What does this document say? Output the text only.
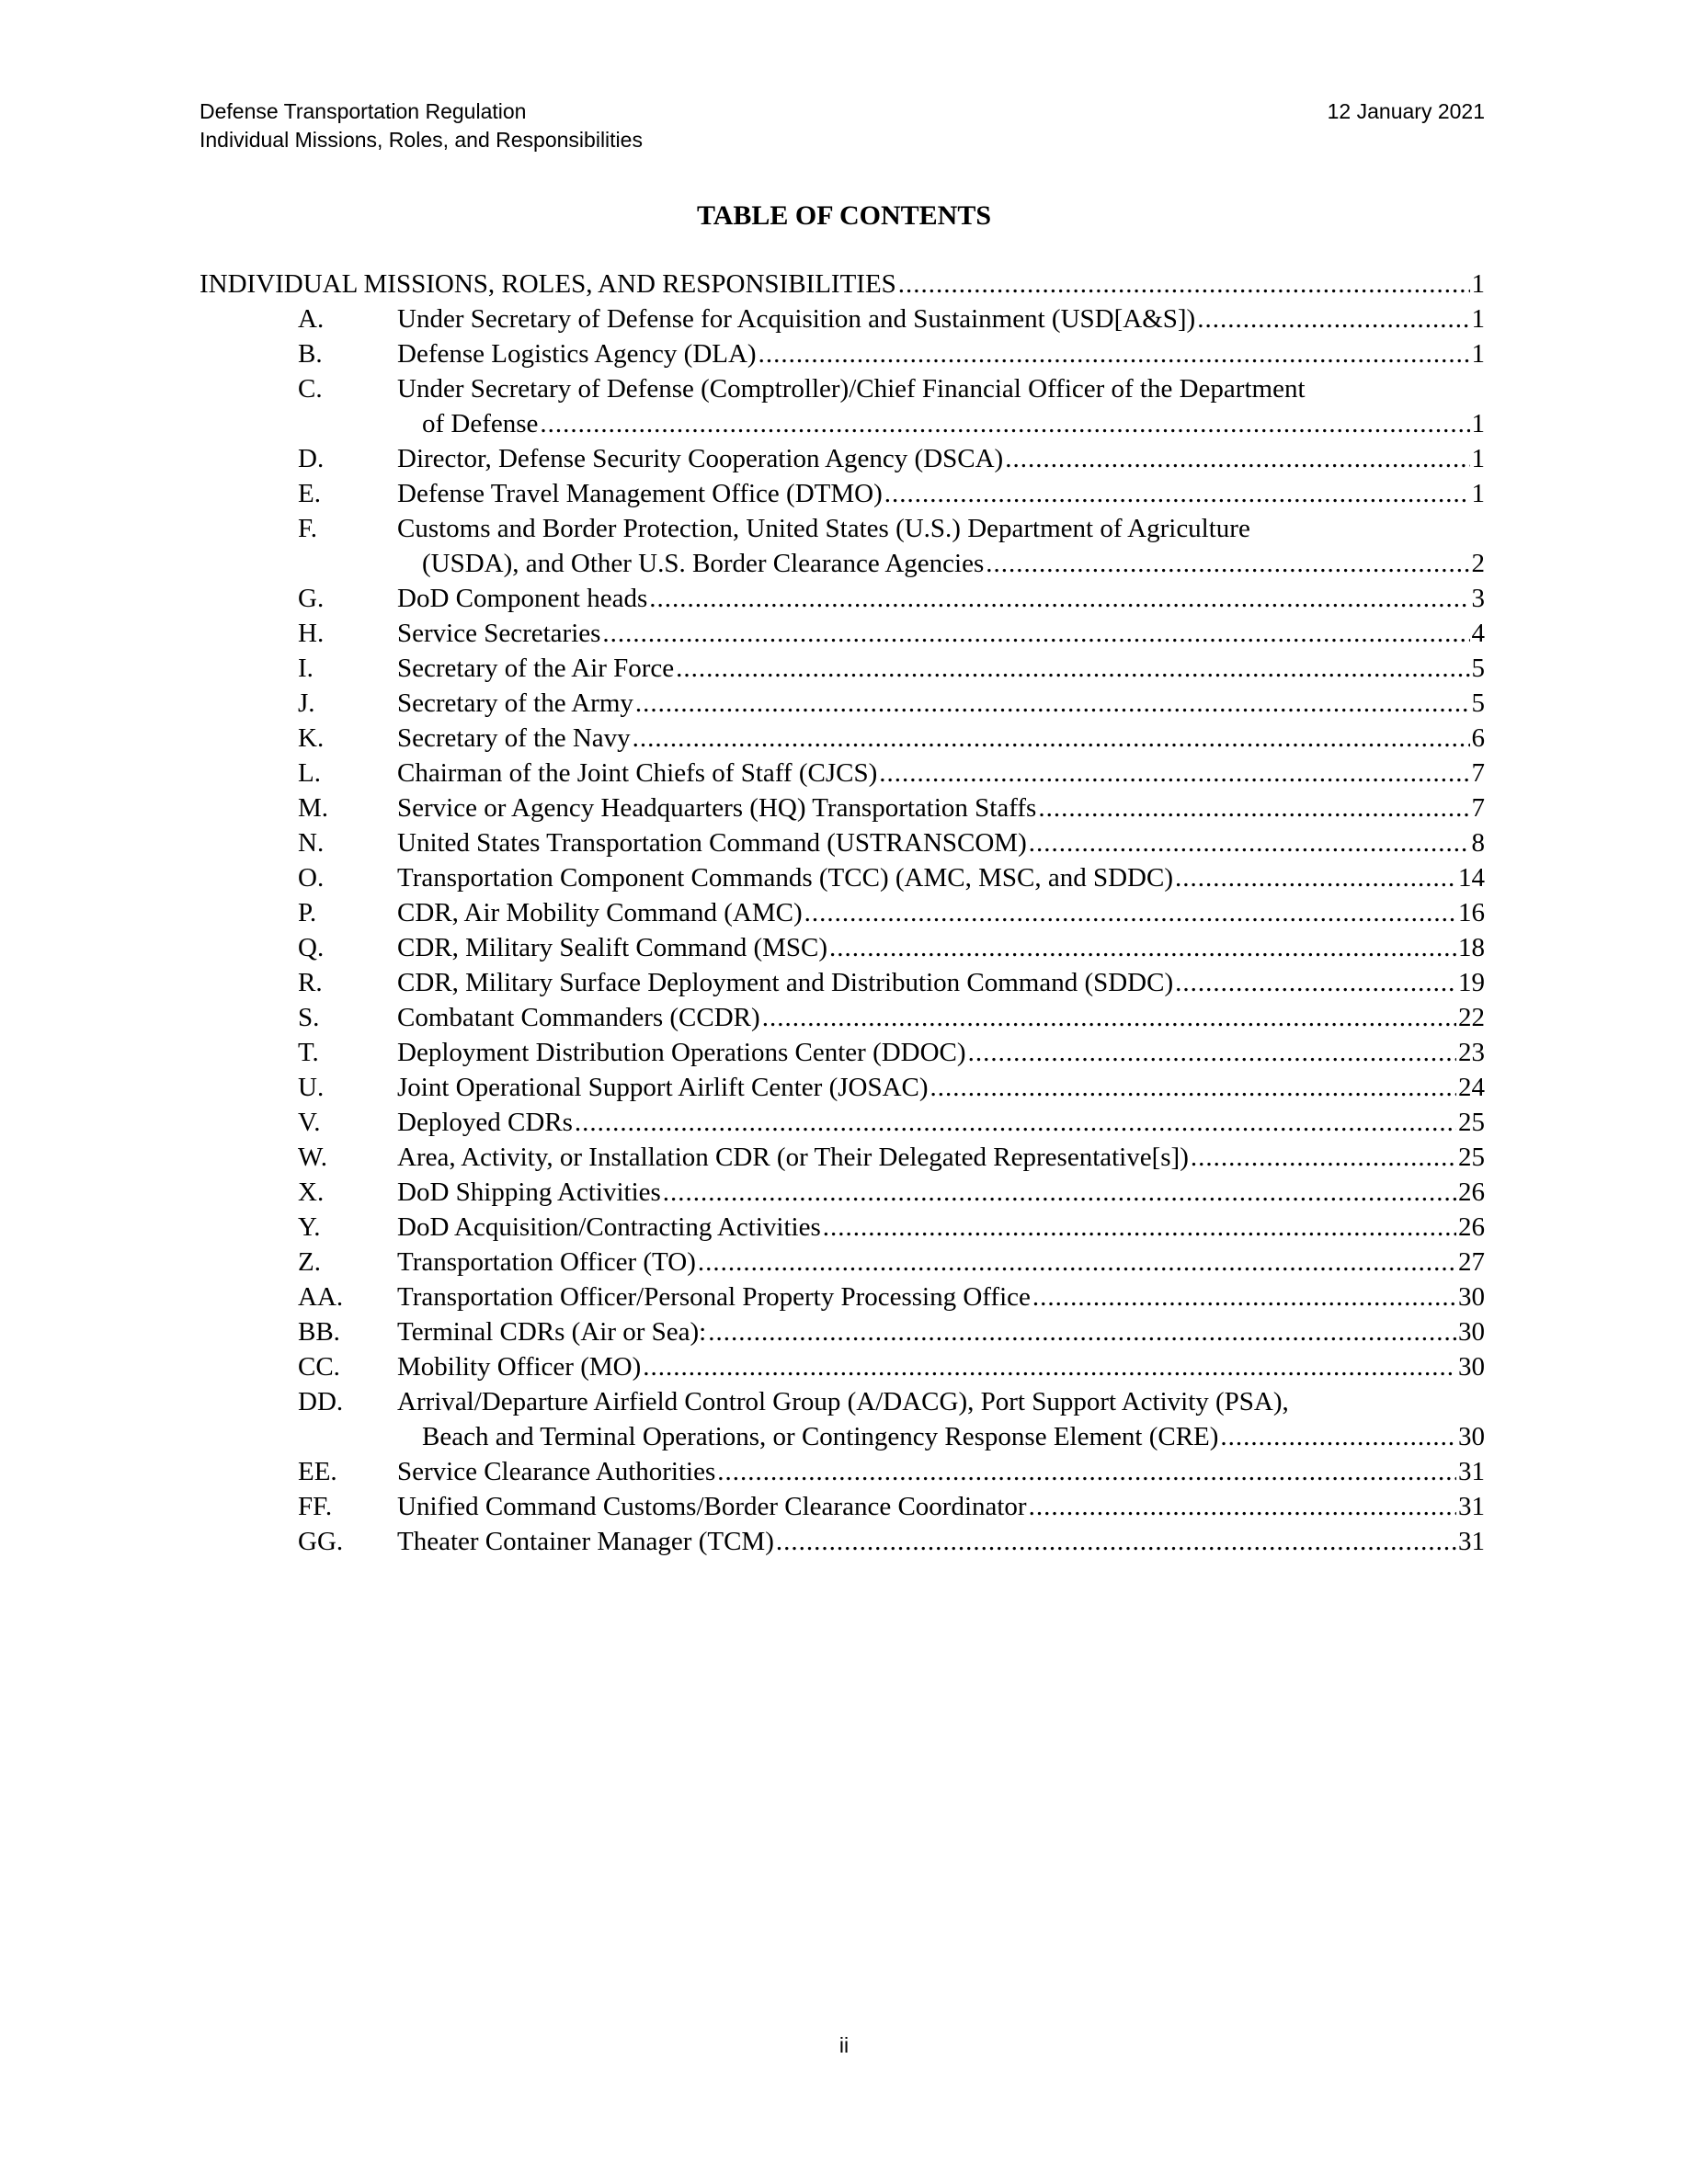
Defense Transportation Regulation	12 January 2021
Individual Missions, Roles, and Responsibilities
TABLE OF CONTENTS
INDIVIDUAL MISSIONS, ROLES, AND RESPONSIBILITIES .....	1
A.	Under Secretary of Defense for Acquisition and Sustainment (USD[A&S]) .....	1
B.	Defense Logistics Agency (DLA) .....	1
C.	Under Secretary of Defense (Comptroller)/Chief Financial Officer of the Department
of Defense .....	1
D.	Director, Defense Security Cooperation Agency (DSCA) .....	1
E.	Defense Travel Management Office (DTMO) .....	1
F.	Customs and Border Protection, United States (U.S.) Department of Agriculture
(USDA), and Other U.S. Border Clearance Agencies .....	2
G.	DoD Component heads .....	3
H.	Service Secretaries .....	4
I.	Secretary of the Air Force .....	5
J.	Secretary of the Army .....	5
K.	Secretary of the Navy .....	6
L.	Chairman of the Joint Chiefs of Staff (CJCS) .....	7
M.	Service or Agency Headquarters (HQ) Transportation Staffs .....	7
N.	United States Transportation Command (USTRANSCOM) .....	8
O.	Transportation Component Commands (TCC) (AMC, MSC, and SDDC) .....	14
P.	CDR, Air Mobility Command (AMC) .....	16
Q.	CDR, Military Sealift Command (MSC) .....	18
R.	CDR, Military Surface Deployment and Distribution Command (SDDC) .....	19
S.	Combatant Commanders (CCDR) .....	22
T.	Deployment Distribution Operations Center (DDOC) .....	23
U.	Joint Operational Support Airlift Center (JOSAC) .....	24
V.	Deployed CDRs .....	25
W.	Area, Activity, or Installation CDR (or Their Delegated Representative[s]) .....	25
X.	DoD Shipping Activities .....	26
Y.	DoD Acquisition/Contracting Activities .....	26
Z.	Transportation Officer (TO) .....	27
AA.	Transportation Officer/Personal Property Processing Office .....	30
BB.	Terminal CDRs (Air or Sea): .....	30
CC.	Mobility Officer (MO) .....	30
DD.	Arrival/Departure Airfield Control Group (A/DACG), Port Support Activity (PSA),
Beach and Terminal Operations, or Contingency Response Element (CRE) .....	30
EE.	Service Clearance Authorities .....	31
FF.	Unified Command Customs/Border Clearance Coordinator .....	31
GG.	Theater Container Manager (TCM) .....	31
ii
